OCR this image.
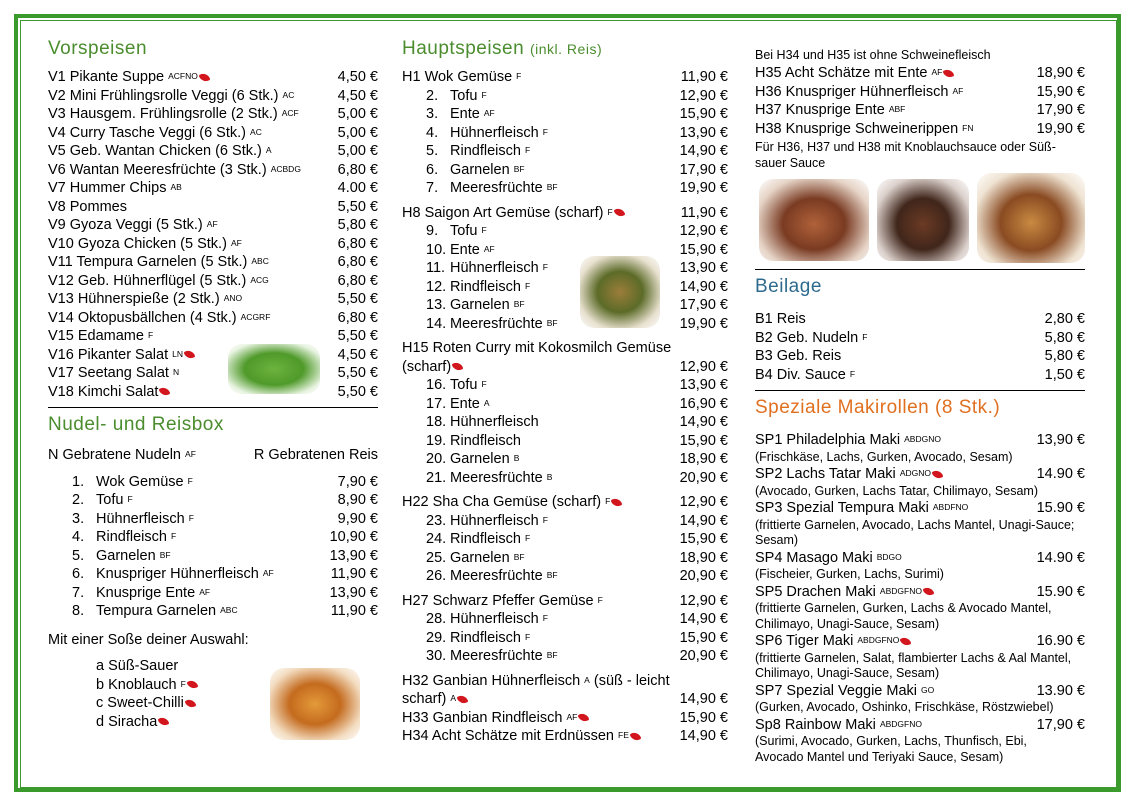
Vorspeisen
V1 Pikante Suppe $^{ACFNO}$	4,50 €
V2 Mini Frühlingsrolle Veggi (6 Stk.) $^{AC}$	4,50 €
V3 Hausgem. Frühlingsrolle (2 Stk.) $^{ACF}$	5,00 €
V4 Curry Tasche Veggi (6 Stk.) $^{AC}$	5,00 €
V5 Geb. Wantan Chicken (6 Stk.) $^A$	5,00 €
V6 Wantan Meeresfrüchte (3 Stk.) $^{ACBDG}$	6,80 €
V7 Hummer Chips $^{AB}$	4.00 €
V8 Pommes	5,50 €
V9 Gyoza Veggi (5 Stk.) $^{AF}$	5,80 €
V10 Gyoza Chicken (5 Stk.) $^{AF}$	6,80 €
V11 Tempura Garnelen (5 Stk.) $^{ABC}$	6,80 €
V12 Geb. Hühnerflügel (5 Stk.) $^{ACG}$	6,80 €
V13 Hühnerspieße (2 Stk.) $^{ANO}$	5,50 €
V14 Oktopusbällchen (4 Stk.) $^{ACGRF}$	6,80 €
V15 Edamame $^F$	5,50 €
V16 Pikanter Salat $^{LN}$	4,50 €
V17 Seetang Salat $^N$	5,50 €
V18 Kimchi Salat	5,50 €
Nudel- und Reisbox
N Gebratene Nudeln $^{AF}$	R Gebratenen Reis
1. Wok Gemüse $^F$	7,90 €
2. Tofu $^F$	8,90 €
3. Hühnerfleisch $^F$	9,90 €
4. Rindfleisch $^F$	10,90 €
5. Garnelen $^{BF}$	13,90 €
6. Knuspriger Hühnerfleisch $^{AF}$	11,90 €
7. Knusprige Ente $^{AF}$	13,90 €
8. Tempura Garnelen $^{ABC}$	11,90 €
Mit einer Soße deiner Auswahl:
a Süß-Sauer
b Knoblauch $^F$
c Sweet-Chilli
d Siracha
Hauptspeisen (inkl. Reis)
H1 Wok Gemüse $^F$	11,90 €
2. Tofu $^F$	12,90 €
3. Ente $^{AF}$	15,90 €
4. Hühnerfleisch $^F$	13,90 €
5. Rindfleisch $^F$	14,90 €
6. Garnelen $^{BF}$	17,90 €
7. Meeresfrüchte $^{BF}$	19,90 €
H8 Saigon Art Gemüse (scharf) $^F$	11,90 €
9. Tofu $^F$	12,90 €
10. Ente $^{AF}$	15,90 €
11. Hühnerfleisch $^F$	13,90 €
12. Rindfleisch $^F$	14,90 €
13. Garnelen $^{BF}$	17,90 €
14. Meeresfrüchte $^{BF}$	19,90 €
H15 Roten Curry mit Kokosmilch Gemüse
(scharf)	12,90 €
16. Tofu $^F$	13,90 €
17. Ente $^A$	16,90 €
18. Hühnerfleisch	14,90 €
19. Rindfleisch	15,90 €
20. Garnelen $^B$	18,90 €
21. Meeresfrüchte $^B$	20,90 €
H22 Sha Cha Gemüse (scharf) $^F$	12,90 €
23. Hühnerfleisch $^F$	14,90 €
24. Rindfleisch $^F$	15,90 €
25. Garnelen $^{BF}$	18,90 €
26. Meeresfrüchte $^{BF}$	20,90 €
H27 Schwarz Pfeffer Gemüse $^F$	12,90 €
28. Hühnerfleisch $^F$	14,90 €
29. Rindfleisch $^F$	15,90 €
30. Meeresfrüchte $^{BF}$	20,90 €
H32 Ganbian Hühnerfleisch $^A$ (süß - leicht
scharf) $^A$	14,90 €
H33 Ganbian Rindfleisch $^{AF}$	15,90 €
H34 Acht Schätze mit Erdnüssen $^{FE}$	14,90 €
Bei H34 und H35 ist ohne Schweinefleisch
H35 Acht Schätze mit Ente $^{AF}$	18,90 €
H36 Knuspriger Hühnerfleisch $^{AF}$	15,90 €
H37 Knusprige Ente $^{ABF}$	17,90 €
H38 Knusprige Schweinerippen $^{FN}$	19,90 €
Für H36, H37 und H38 mit Knoblauchsauce oder Süß-sauer Sauce
Beilage
B1 Reis	2,80 €
B2 Geb. Nudeln $^F$	5,80 €
B3 Geb. Reis	5,80 €
B4 Div. Sauce $^F$	1,50 €
Speziale Makirollen (8 Stk.)
SP1 Philadelphia Maki $^{ABDGNO}$	13,90 €
(Frischkäse, Lachs, Gurken, Avocado, Sesam)
SP2 Lachs Tatar Maki $^{ADGNO}$	14.90 €
(Avocado, Gurken, Lachs Tatar, Chilimayo, Sesam)
SP3 Spezial Tempura Maki $^{ABDFNO}$	15.90 €
(frittierte Garnelen, Avocado, Lachs Mantel, Unagi-Sauce; Sesam)
SP4 Masago Maki $^{BDGO}$	14.90 €
(Fischeier, Gurken, Lachs, Surimi)
SP5 Drachen Maki $^{ABDGFNO}$	15.90 €
(frittierte Garnelen, Gurken, Lachs & Avocado Mantel, Chilimayo, Unagi-Sauce, Sesam)
SP6 Tiger Maki $^{ABDGFNO}$	16.90 €
(frittierte Garnelen, Salat, flambierter Lachs & Aal Mantel, Chilimayo, Unagi-Sauce, Sesam)
SP7 Spezial Veggie Maki $^{GO}$	13.90 €
(Gurken, Avocado, Oshinko, Frischkäse, Röstzwiebel)
Sp8 Rainbow Maki $^{ABDGFNO}$	17,90 €
(Surimi, Avocado, Gurken, Lachs, Thunfisch, Ebi, Avocado Mantel und Teriyaki Sauce, Sesam)
